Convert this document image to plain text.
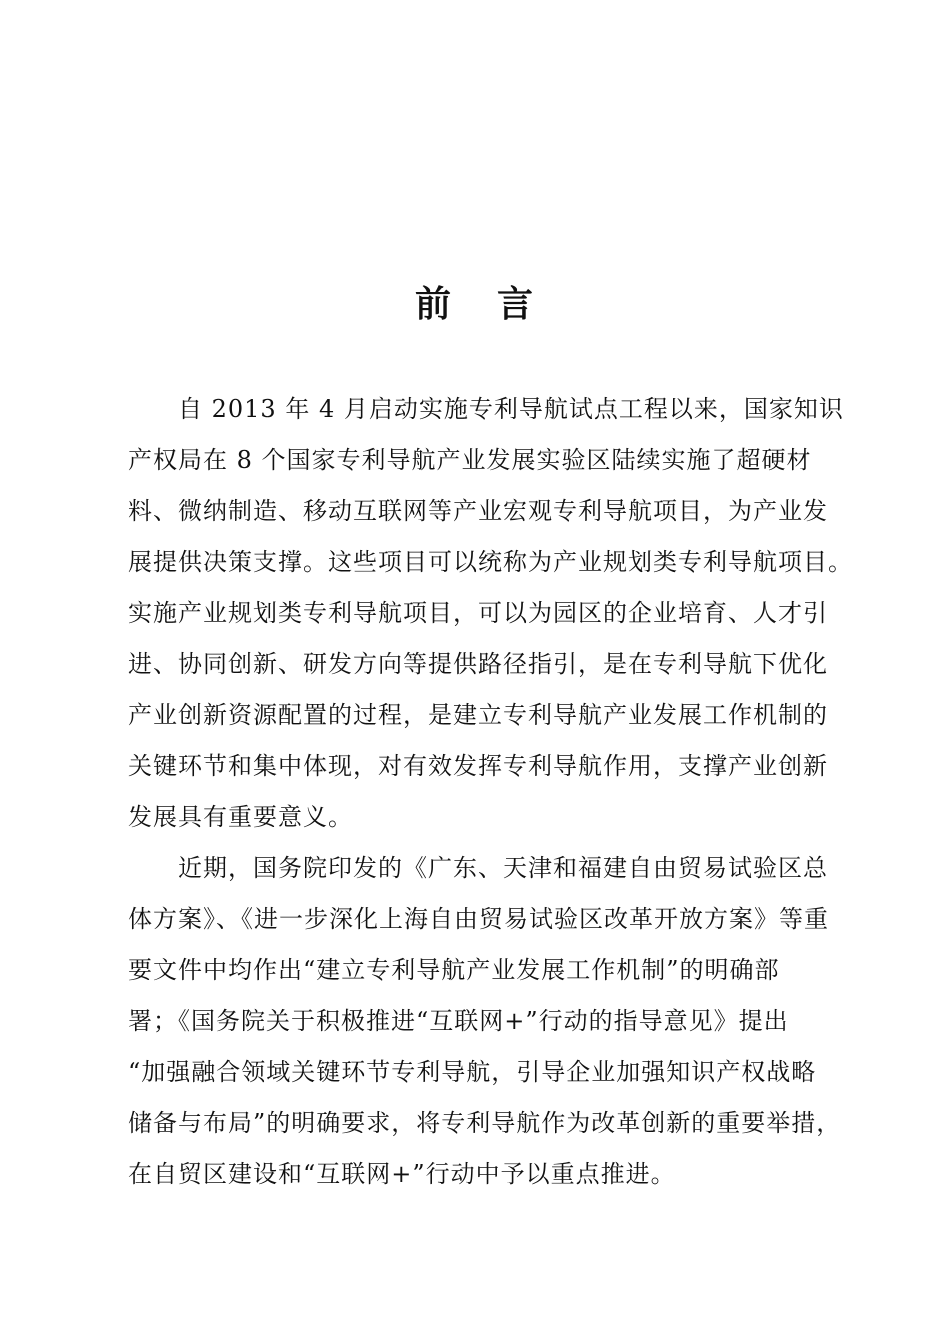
前 言

自 2013 年 4 月启动实施专利导航试点工程以来，国家知识
产权局在 8 个国家专利导航产业发展实验区陆续实施了超硬材
料、微纳制造、移动互联网等产业宏观专利导航项目，为产业发
展提供决策支撑。这些项目可以统称为产业规划类专利导航项目。
实施产业规划类专利导航项目，可以为园区的企业培育、人才引
进、协同创新、研发方向等提供路径指引，是在专利导航下优化
产业创新资源配置的过程，是建立专利导航产业发展工作机制的
关键环节和集中体现，对有效发挥专利导航作用，支撑产业创新
发展具有重要意义。

近期，国务院印发的《广东、天津和福建自由贸易试验区总
体方案》、《进一步深化上海自由贸易试验区改革开放方案》等重
要文件中均作出“建立专利导航产业发展工作机制”的明确部
署；《国务院关于积极推进“互联网+”行动的指导意见》提出
“加强融合领域关键环节专利导航，引导企业加强知识产权战略
储备与布局”的明确要求，将专利导航作为改革创新的重要举措，
在自贸区建设和“互联网+”行动中予以重点推进。
